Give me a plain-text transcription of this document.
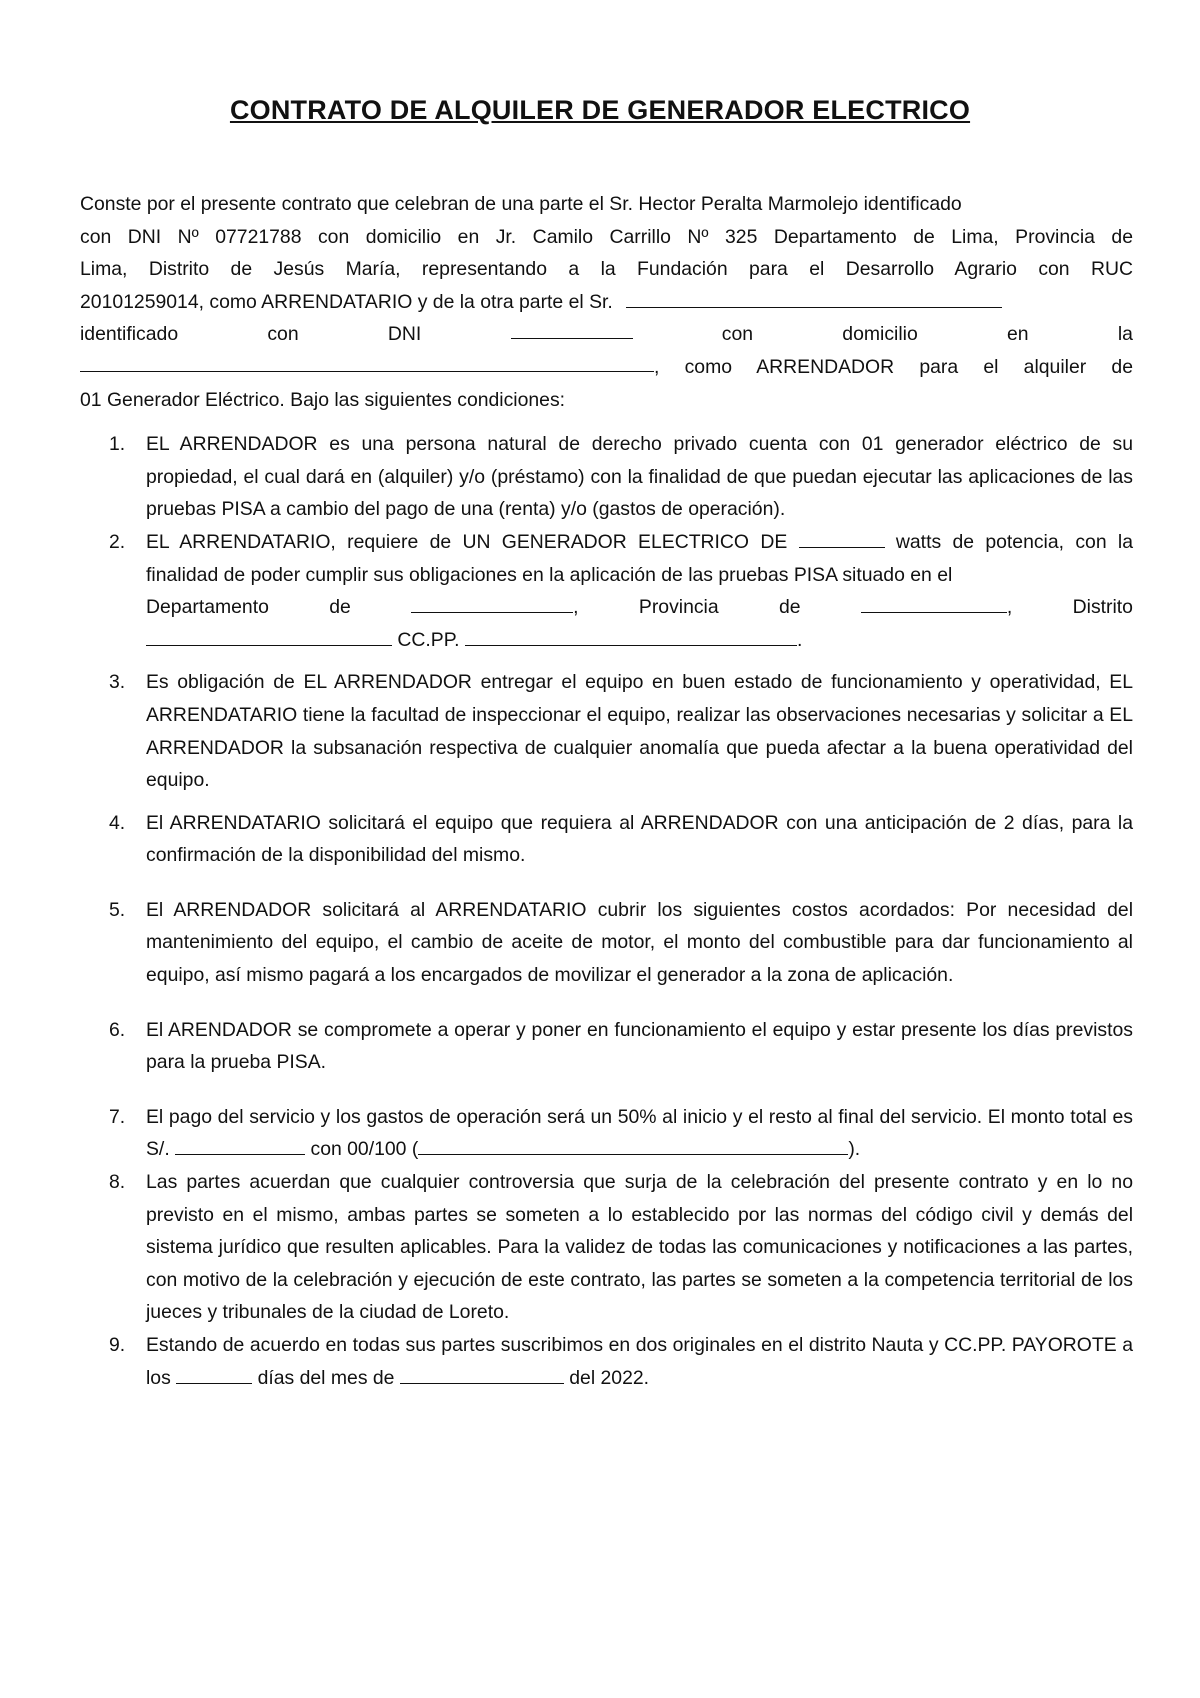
CONTRATO DE ALQUILER DE GENERADOR ELECTRICO
Conste por el presente contrato que celebran de una parte el Sr. Hector Peralta Marmolejo identificado
con DNI Nº 07721788 con domicilio en Jr. Camilo Carrillo Nº 325 Departamento de Lima, Provincia de
Lima, Distrito de Jesús María, representando a la Fundación para el Desarrollo Agrario con RUC
20101259014, como ARRENDATARIO y de la otra parte el Sr.
identificado	con	DNI	con	domicilio	en	la
, como ARRENDADOR para el alquiler de
01 Generador Eléctrico. Bajo las siguientes condiciones:
1. EL ARRENDADOR es una persona natural de derecho privado cuenta con 01 generador eléctrico de su propiedad, el cual dará en (alquiler) y/o (préstamo) con la finalidad de que puedan ejecutar las aplicaciones de las pruebas PISA a cambio del pago de una (renta) y/o (gastos de operación).
2. EL ARRENDATARIO, requiere de UN GENERADOR ELECTRICO DE	watts de potencia, con la finalidad de poder cumplir sus obligaciones en la aplicación de las pruebas PISA situado en el
Departamento	de	,	Provincia	de	,	Distrito
CC.PP.	.
3. Es obligación de EL ARRENDADOR entregar el equipo en buen estado de funcionamiento y operatividad, EL ARRENDATARIO tiene la facultad de inspeccionar el equipo, realizar las observaciones necesarias y solicitar a EL ARRENDADOR la subsanación respectiva de cualquier anomalía que pueda afectar a la buena operatividad del equipo.
4. El ARRENDATARIO solicitará el equipo que requiera al ARRENDADOR con una anticipación de 2 días, para la confirmación de la disponibilidad del mismo.
5. El ARRENDADOR solicitará al ARRENDATARIO cubrir los siguientes costos acordados: Por necesidad del mantenimiento del equipo, el cambio de aceite de motor, el monto del combustible para dar funcionamiento al equipo, así mismo pagará a los encargados de movilizar el generador a la zona de aplicación.
6. El ARENDADOR se compromete a operar y poner en funcionamiento el equipo y estar presente los días previstos para la prueba PISA.
7. El pago del servicio y los gastos de operación será un 50% al inicio y el resto al final del servicio. El monto total es S/.	con 00/100 (	).
8. Las partes acuerdan que cualquier controversia que surja de la celebración del presente contrato y en lo no previsto en el mismo, ambas partes se someten a lo establecido por las normas del código civil y demás del sistema jurídico que resulten aplicables. Para la validez de todas las comunicaciones y notificaciones a las partes, con motivo de la celebración y ejecución de este contrato, las partes se someten a la competencia territorial de los jueces y tribunales de la ciudad de Loreto.
9. Estando de acuerdo en todas sus partes suscribimos en dos originales en el distrito Nauta y CC.PP. PAYOROTE a los	días del mes de	del 2022.
